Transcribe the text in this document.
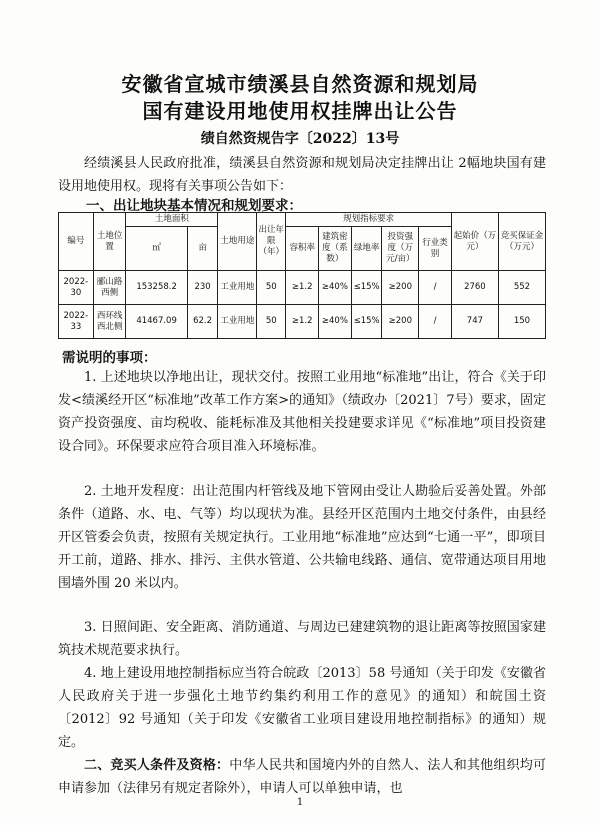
安徽省宣城市绩溪县自然资源和规划局
国有建设用地使用权挂牌出让公告
绩自然资规告字〔2022〕13号
经绩溪县人民政府批准，绩溪县自然资源和规划局决定挂牌出让 2幅地块国有建设用地使用权。现将有关事项公告如下：
一、出让地块基本情况和规划要求：
编号	土地位置	土地面积		土地用途	出让年限（年）	规划指标要求					起始价（万元）	竞买保证金（万元）
		㎡	亩			容积率	建筑密度（系数）	绿地率	投资强度（万元/亩）	行业类别		
2022-30	郦山路西侧	153258.2	230	工业用地	50	≥1.2	≥40%	≤15%	≥200	/	2760	552
2022-33	西环线西北侧	41467.09	62.2	工业用地	50	≥1.2	≥40%	≤15%	≥200	/	747	150
需说明的事项：
1. 上述地块以净地出让，现状交付。按照工业用地“标准地”出让，符合《关于印发<绩溪经开区“标准地”改革工作方案>的通知》（绩政办〔2021〕7号）要求，固定资产投资强度、亩均税收、能耗标准及其他相关投建要求详见《“标准地”项目投资建设合同》。环保要求应符合项目准入环境标准。
2. 土地开发程度：出让范围内杆管线及地下管网由受让人勘验后妥善处置。外部条件（道路、水、电、气等）均以现状为准。县经开区范围内土地交付条件，由县经开区管委会负责，按照有关规定执行。工业用地“标准地”应达到“七通一平”，即项目开工前，道路、排水、排污、主供水管道、公共输电线路、通信、宽带通达项目用地围墙外围 20 米以内。
3. 日照间距、安全距离、消防通道、与周边已建建筑物的退让距离等按照国家建筑技术规范要求执行。
4. 地上建设用地控制指标应当符合皖政〔2013〕58 号通知（关于印发《安徽省人民政府关于进一步强化土地节约集约利用工作的意见》的通知）和皖国土资〔2012〕92 号通知（关于印发《安徽省工业项目建设用地控制指标》的通知）规定。
二、竞买人条件及资格：中华人民共和国境内外的自然人、法人和其他组织均可申请参加（法律另有规定者除外），申请人可以单独申请，也
1
